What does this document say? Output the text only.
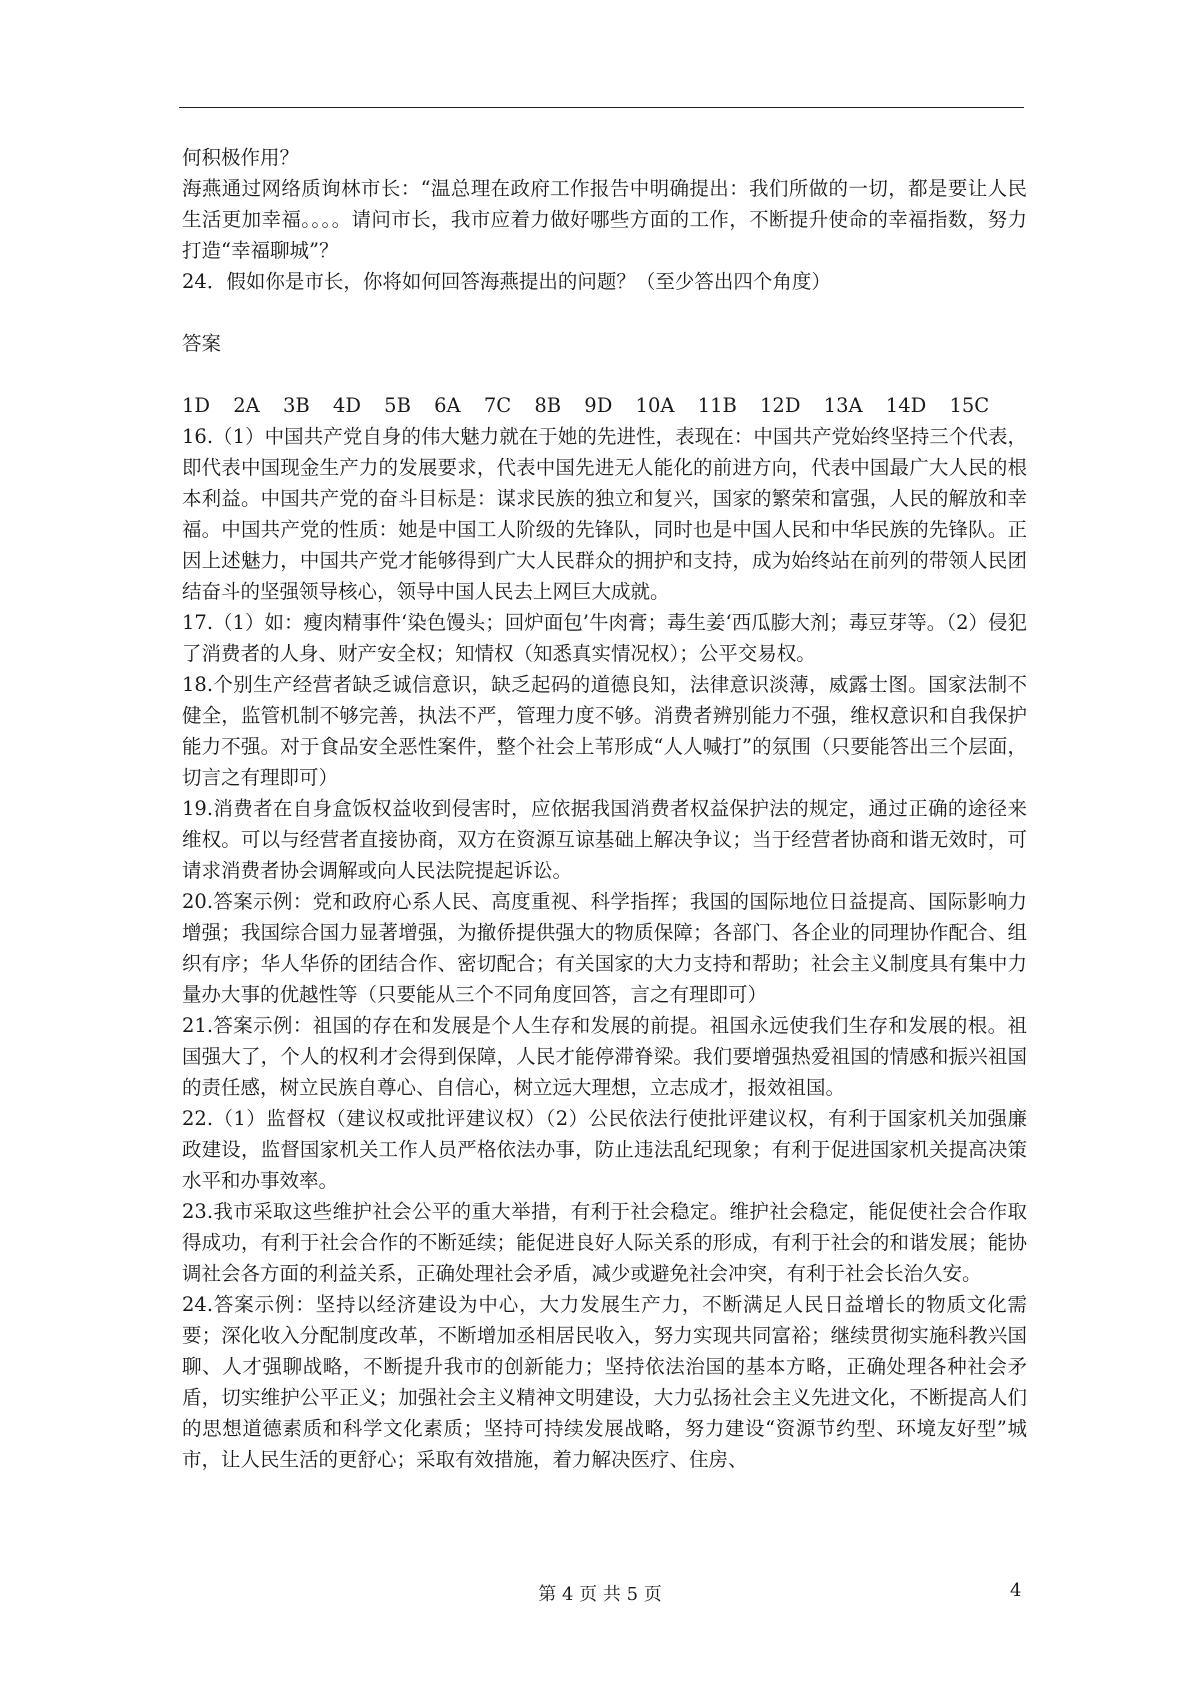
何积极作用？

海燕通过网络质询林市长：“温总理在政府工作报告中明确提出：我们所做的一切，都是要让人民生活更加幸福。。。。请问市长，我市应着力做好哪些方面的工作，不断提升使命的幸福指数，努力打造“幸福聊城”？

24．假如你是市长，你将如何回答海燕提出的问题？（至少答出四个角度）

答案

1D 2A 3B 4D 5B 6A 7C 8B 9D 10A 11B 12D 13A 14D 15C

16.（1）中国共产党自身的伟大魅力就在于她的先进性，表现在：中国共产党始终坚持三个代表，即代表中国现金生产力的发展要求，代表中国先进无人能化的前进方向，代表中国最广大人民的根本利益。中国共产党的奋斗目标是：谋求民族的独立和复兴，国家的繁荣和富强，人民的解放和幸福。中国共产党的性质：她是中国工人阶级的先锋队，同时也是中国人民和中华民族的先锋队。正因上述魅力，中国共产党才能够得到广大人民群众的拥护和支持，成为始终站在前列的带领人民团结奋斗的坚强领导核心，领导中国人民去上网巨大成就。

17.（1）如：瘦肉精事件‘染色馒头；回炉面包’牛肉膏；毒生姜‘西瓜膨大剂；毒豆芽等。（2）侵犯了消费者的人身、财产安全权；知情权（知悉真实情况权）；公平交易权。

18.个别生产经营者缺乏诚信意识，缺乏起码的道德良知，法律意识淡薄，威露士图。国家法制不健全，监管机制不够完善，执法不严，管理力度不够。消费者辨别能力不强，维权意识和自我保护能力不强。对于食品安全恶性案件，整个社会上苇形成“人人喊打”的氛围（只要能答出三个层面，切言之有理即可）

19.消费者在自身盒饭权益收到侵害时，应依据我国消费者权益保护法的规定，通过正确的途径来维权。可以与经营者直接协商，双方在资源互谅基础上解决争议；当于经营者协商和谐无效时，可请求消费者协会调解或向人民法院提起诉讼。

20.答案示例：党和政府心系人民、高度重视、科学指挥；我国的国际地位日益提高、国际影响力增强；我国综合国力显著增强，为撤侨提供强大的物质保障；各部门、各企业的同理协作配合、组织有序；华人华侨的团结合作、密切配合；有关国家的大力支持和帮助；社会主义制度具有集中力量办大事的优越性等（只要能从三个不同角度回答，言之有理即可）

21.答案示例：祖国的存在和发展是个人生存和发展的前提。祖国永远使我们生存和发展的根。祖国强大了，个人的权利才会得到保障，人民才能停滞脊梁。我们要增强热爱祖国的情感和振兴祖国的责任感，树立民族自尊心、自信心，树立远大理想，立志成才，报效祖国。

22.（1）监督权（建议权或批评建议权）（2）公民依法行使批评建议权，有利于国家机关加强廉政建设，监督国家机关工作人员严格依法办事，防止违法乱纪现象；有利于促进国家机关提高决策水平和办事效率。

23.我市采取这些维护社会公平的重大举措，有利于社会稳定。维护社会稳定，能促使社会合作取得成功，有利于社会合作的不断延续；能促进良好人际关系的形成，有利于社会的和谐发展；能协调社会各方面的利益关系，正确处理社会矛盾，减少或避免社会冲突，有利于社会长治久安。

24.答案示例：坚持以经济建设为中心，大力发展生产力，不断满足人民日益增长的物质文化需要；深化收入分配制度改革，不断增加丞相居民收入，努力实现共同富裕；继续贯彻实施科教兴国聊、人才强聊战略，不断提升我市的创新能力；坚持依法治国的基本方略，正确处理各种社会矛盾，切实维护公平正义；加强社会主义精神文明建设，大力弘扬社会主义先进文化，不断提高人们的思想道德素质和科学文化素质；坚持可持续发展战略，努力建设“资源节约型、环境友好型”城市，让人民生活的更舒心；采取有效措施，着力解决医疗、住房、

第 4 页 共 5 页	4
